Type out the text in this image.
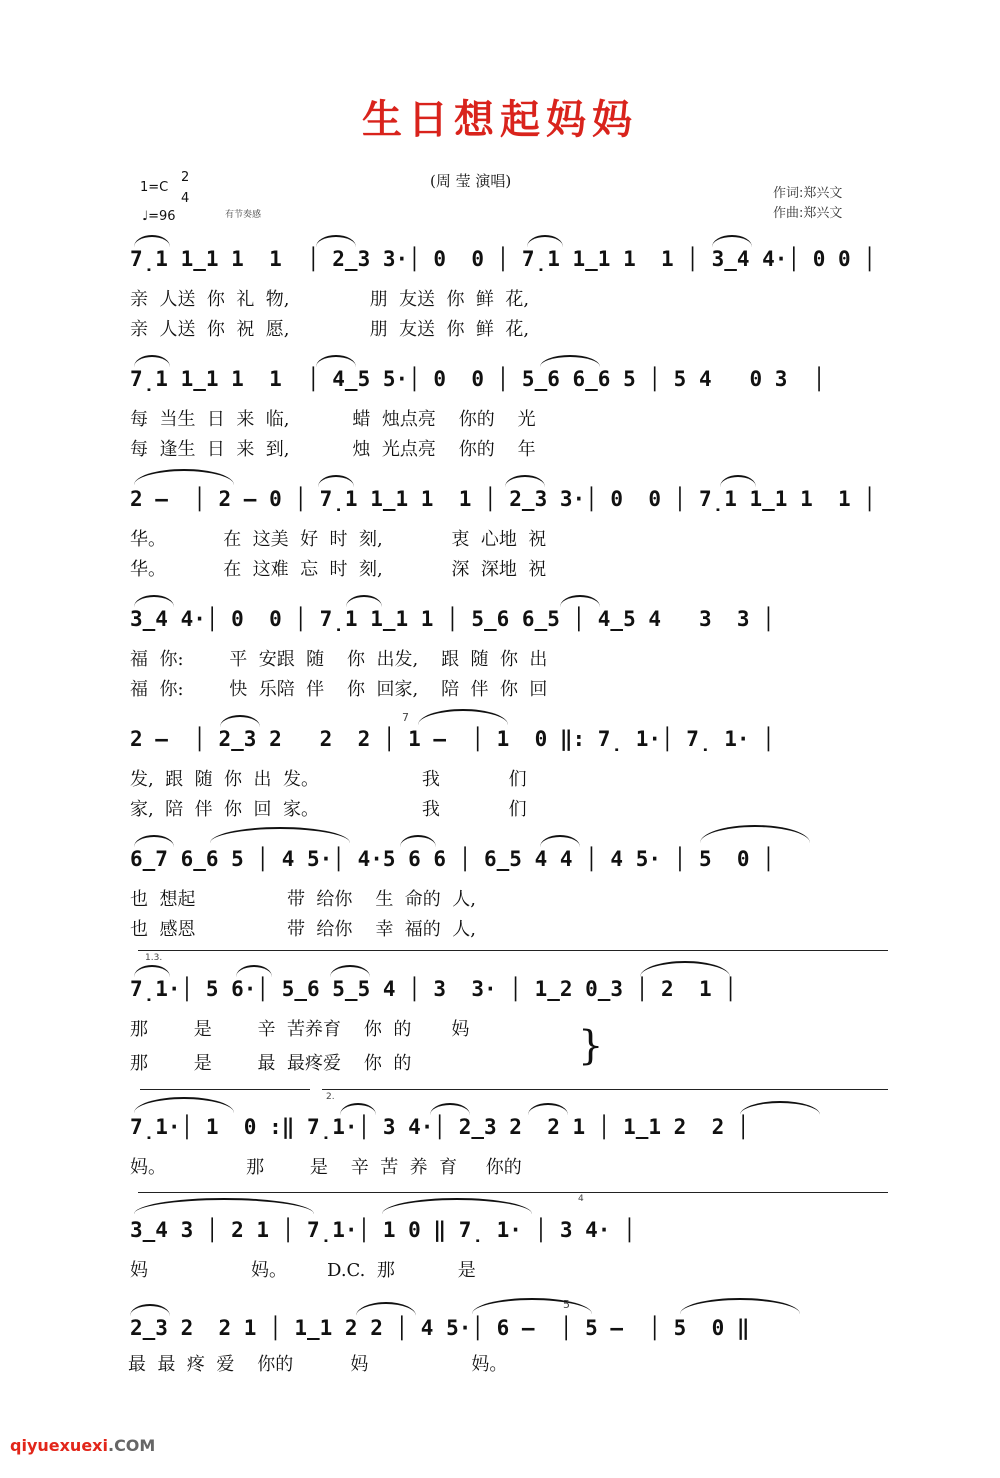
生日想起妈妈
1=C
2
4
♩=96	有节奏感
(周 莹 演唱)
作词:郑兴文
作曲:郑兴文
7̣1 1̲1 1  1  │ 2̲3 3·│ 0  0 │ 7̣1 1̲1 1  1 │ 3̲4 4·│ 0 0 │
亲  人送  你  礼  物,              朋  友送  你  鲜  花,
亲  人送  你  祝  愿,              朋  友送  你  鲜  花,
7̣1 1̲1 1  1  │ 4̲5 5·│ 0  0 │ 5̲6 6̲6 5 │ 5 4   0 3  │
每  当生  日  来  临,           蜡  烛点亮    你的    光
每  逢生  日  来  到,           烛  光点亮    你的    年
2 –  │ 2 – 0 │ 7̣1 1̲1 1  1 │ 2̲3 3·│ 0  0 │ 7̣1 1̲1 1  1 │
华。          在  这美  好  时  刻,            衷  心地  祝
华。          在  这难  忘  时  刻,            深  深地  祝
3̲4 4·│ 0  0 │ 7̣1 1̲1 1 │ 5̲6 6̲5 │ 4̲5 4   3  3 │
福  你:        平  安跟  随    你  出发,    跟  随  你  出
福  你:        快  乐陪  伴    你  回家,    陪  伴  你  回
7
2 –  │ 2̲3 2   2  2 │ 1 –  │ 1  0 ‖: 7̣ 1·│ 7̣ 1· │
发,  跟  随  你  出  发。                  我            们
家,  陪  伴  你  回  家。                  我            们
6̲7 6̲6 5 │ 4 5·│ 4·5 6 6 │ 6̲5 4 4 │ 4 5· │ 5  0 │
也  想起                带  给你    生  命的  人,
也  感恩                带  给你    幸  福的  人,
1.3.
7̣1·│ 5 6·│ 5̲6 5̲5 4 │ 3  3· │ 1̲2 0̲3 │ 2  1 │
那        是        辛  苦养育    你  的       妈
那        是        最  最疼爱    你  的	}
2.
7̣1·│ 1  0 :‖ 7̣1·│ 3 4·│ 2̲3 2  2 1 │ 1̲1 2  2 │
妈。              那        是    辛  苦  养  育     你的
4
3̲4 3 │ 2 1 │ 7̣1·│ 1 0 ‖ 7̣ 1· │ 3 4· │
妈                  妈。       D.C.  那           是
5
2̲3 2  2 1 │ 1̲1 2 2 │ 4 5·│ 6 –  │ 5 –  │ 5  0 ‖
最  最  疼  爱    你的          妈                  妈。
qiyuexuexi.COM
